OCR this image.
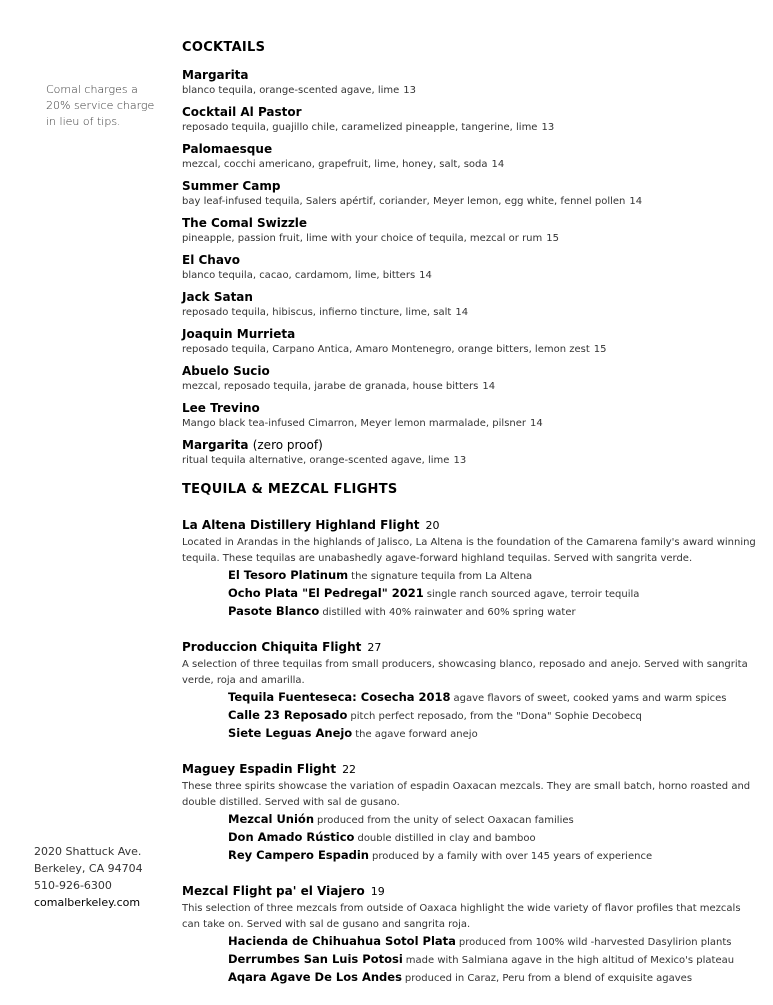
Comal charges a 20% service charge in lieu of tips.
2020 Shattuck Ave.
Berkeley, CA 94704
510-926-6300
comalberkeley.com
COCKTAILS
Margarita
blanco tequila, orange-scented agave, lime 13
Cocktail Al Pastor
reposado tequila, guajillo chile, caramelized pineapple, tangerine, lime 13
Palomaesque
mezcal, cocchi americano, grapefruit, lime, honey, salt, soda 14
Summer Camp
bay leaf-infused tequila, Salers apértif, coriander, Meyer lemon, egg white, fennel pollen 14
The Comal Swizzle
pineapple, passion fruit, lime with your choice of tequila, mezcal or rum 15
El Chavo
blanco tequila, cacao, cardamom, lime, bitters 14
Jack Satan
reposado tequila, hibiscus, infierno tincture, lime, salt 14
Joaquin Murrieta
reposado tequila, Carpano Antica, Amaro Montenegro, orange bitters, lemon zest 15
Abuelo Sucio
mezcal, reposado tequila, jarabe de granada, house bitters 14
Lee Trevino
Mango black tea-infused Cimarron, Meyer lemon marmalade, pilsner 14
Margarita (zero proof)
ritual tequila alternative, orange-scented agave, lime 13
TEQUILA & MEZCAL FLIGHTS
La Altena Distillery Highland Flight 20
Located in Arandas in the highlands of Jalisco, La Altena is the foundation of the Camarena family's award winning tequila. These tequilas are unabashedly agave-forward highland tequilas. Served with sangrita verde.
El Tesoro Platinum the signature tequila from La Altena
Ocho Plata "El Pedregal" 2021 single ranch sourced agave, terroir tequila
Pasote Blanco distilled with 40% rainwater and 60% spring water
Produccion Chiquita Flight 27
A selection of three tequilas from small producers, showcasing blanco, reposado and anejo. Served with sangrita verde, roja and amarilla.
Tequila Fuenteseca: Cosecha 2018 agave flavors of sweet, cooked yams and warm spices
Calle 23 Reposado pitch perfect reposado, from the "Dona" Sophie Decobecq
Siete Leguas Anejo the agave forward anejo
Maguey Espadin Flight 22
These three spirits showcase the variation of espadin Oaxacan mezcals. They are small batch, horno roasted and double distilled. Served with sal de gusano.
Mezcal Unión produced from the unity of select Oaxacan families
Don Amado Rústico double distilled in clay and bamboo
Rey Campero Espadin produced by a family with over 145 years of experience
Mezcal Flight pa' el Viajero 19
This selection of three mezcals from outside of Oaxaca highlight the wide variety of flavor profiles that mezcals can take on. Served with sal de gusano and sangrita roja.
Hacienda de Chihuahua Sotol Plata produced from 100% wild -harvested Dasylirion plants
Derrumbes San Luis Potosi made with Salmiana agave in the high altitud of Mexico's plateau
Aqara Agave De Los Andes produced in Caraz, Peru from a blend of exquisite agaves
